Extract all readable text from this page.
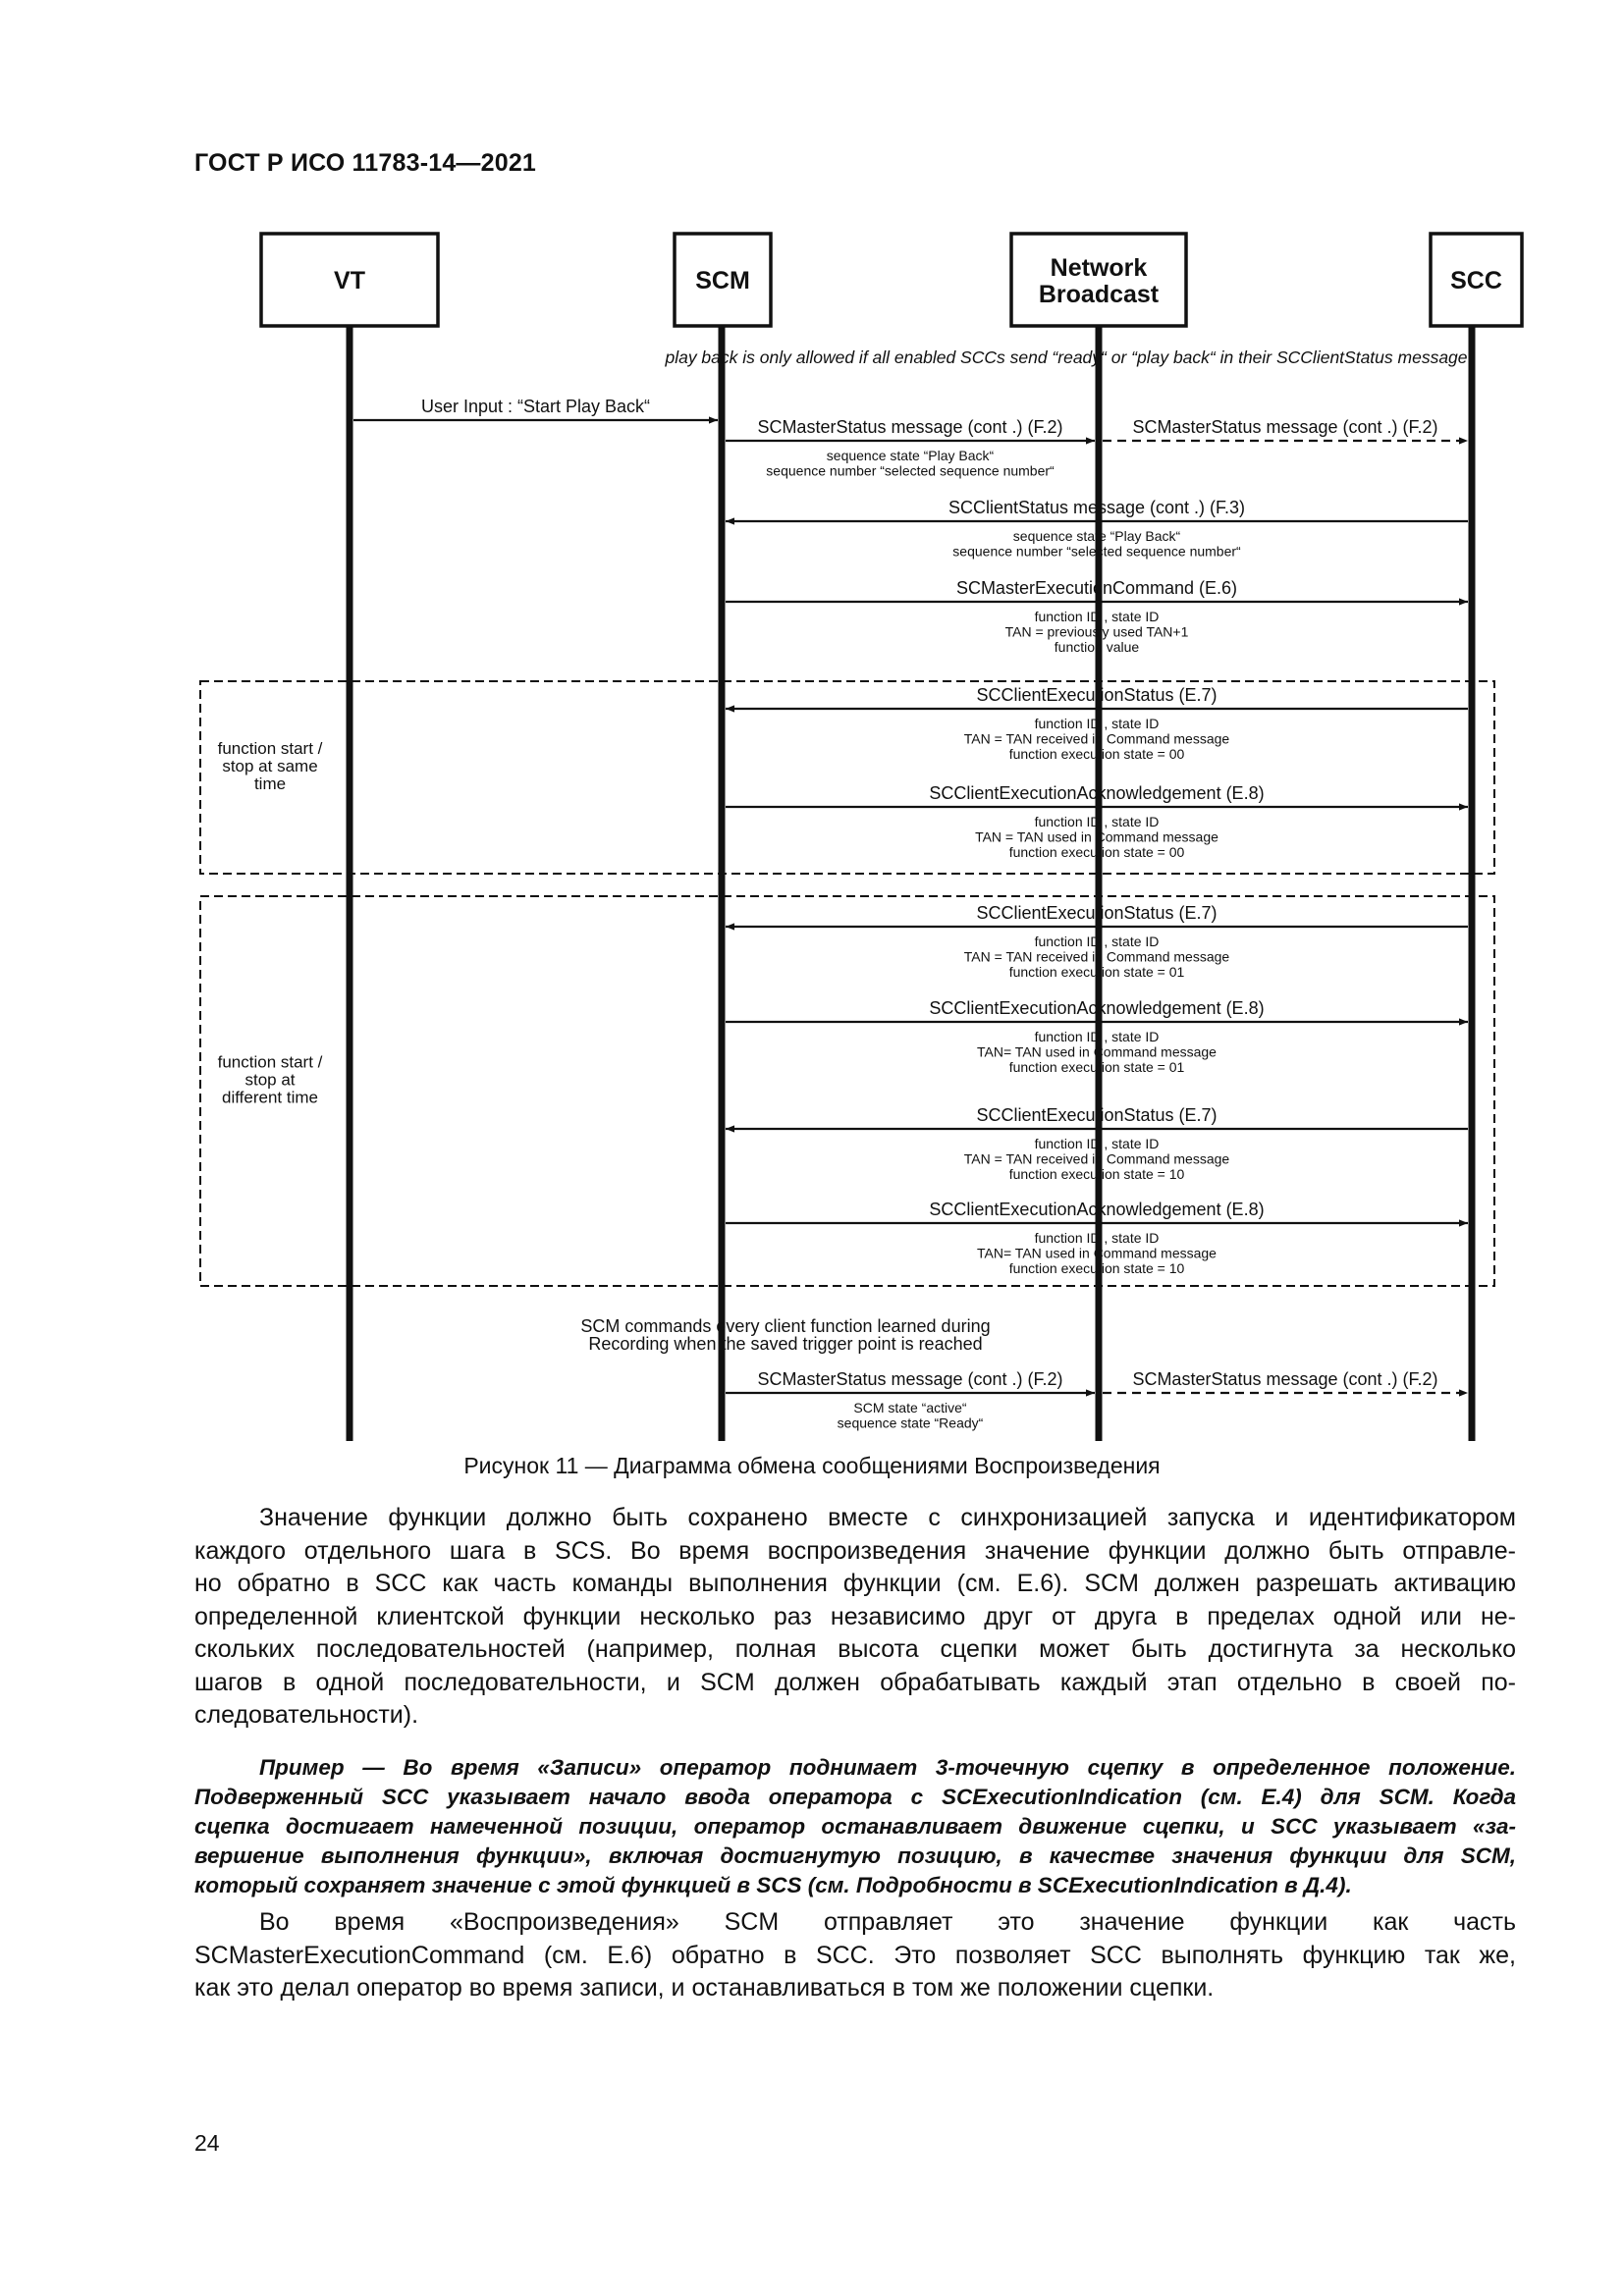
ГОСТ Р ИСО 11783-14—2021
function start /
stop at same
time
function start /
stop at
different time
VT	SCM	Network
Broadcast	SCC
User Input : “Start Play Back“
SCMasterStatus message (cont .) (F.2)	SCMasterStatus message (cont .) (F.2)
SCClientStatus message (cont .) (F.3)
SCMasterExecutionCommand (E.6)
SCClientExecutionStatus (E.7)
SCClientExecutionAcknowledgement (E.8)
SCClientExecutionStatus (E.7)
SCClientExecutionAcknowledgement (E.8)
SCClientExecutionStatus (E.7)
SCClientExecutionAcknowledgement (E.8)
SCMasterStatus message (cont .) (F.2)	SCMasterStatus message (cont .) (F.2)
play back is only allowed if all enabled SCCs send “ready“ or “play back“ in their SCClientStatus message
sequence state “Play Back“
sequence number “selected sequence number“
sequence state “Play Back“
sequence number “selected sequence number“
function ID , state ID
TAN = previously used TAN+1
function value
function ID , state ID
TAN = TAN received in Command message
function execution state = 00
function ID , state ID
TAN = TAN used in Command message
function execution state = 00
function ID , state ID
TAN = TAN received in Command message
function execution state = 01
function ID , state ID
TAN= TAN used in Command message
function execution state = 01
function ID , state ID
TAN = TAN received in Command message
function execution state = 10
function ID , state ID
TAN= TAN used in Command message
function execution state = 10
SCM state “active“
sequence state “Ready“
SCM commands every client function learned during
Recording when the saved trigger point is reached
Рисунок 11 — Диаграмма обмена сообщениями Воспроизведения
Значение функции должно быть сохранено вместе с синхронизацией запуска и идентификатором
каждого отдельного шага в SCS. Во время воспроизведения значение функции должно быть отправле-
но обратно в SCC как часть команды выполнения функции (см. Е.6). SCM должен разрешать активацию
определенной клиентской функции несколько раз независимо друг от друга в пределах одной или не-
скольких последовательностей (например, полная высота сцепки может быть достигнута за несколько
шагов в одной последовательности, и SCM должен обрабатывать каждый этап отдельно в своей по-
следовательности).
Пример — Во время «Записи» оператор поднимает 3-точечную сцепку в определенное положение.
Подверженный SCC указывает начало ввода оператора с SCExecutionIndication (см. Е.4) для SCM. Когда
сцепка достигает намеченной позиции, оператор останавливает движение сцепки, и SCC указывает «за-
вершение выполнения функции», включая достигнутую позицию, в качестве значения функции для SCM,
который сохраняет значение с этой функцией в SCS (см. Подробности в SCExecutionIndication в Д.4).
Во время «Воспроизведения» SCM отправляет это значение функции как часть
SCMasterExecutionCommand (см. Е.6) обратно в SCC. Это позволяет SCC выполнять функцию так же,
как это делал оператор во время записи, и останавливаться в том же положении сцепки.
24
